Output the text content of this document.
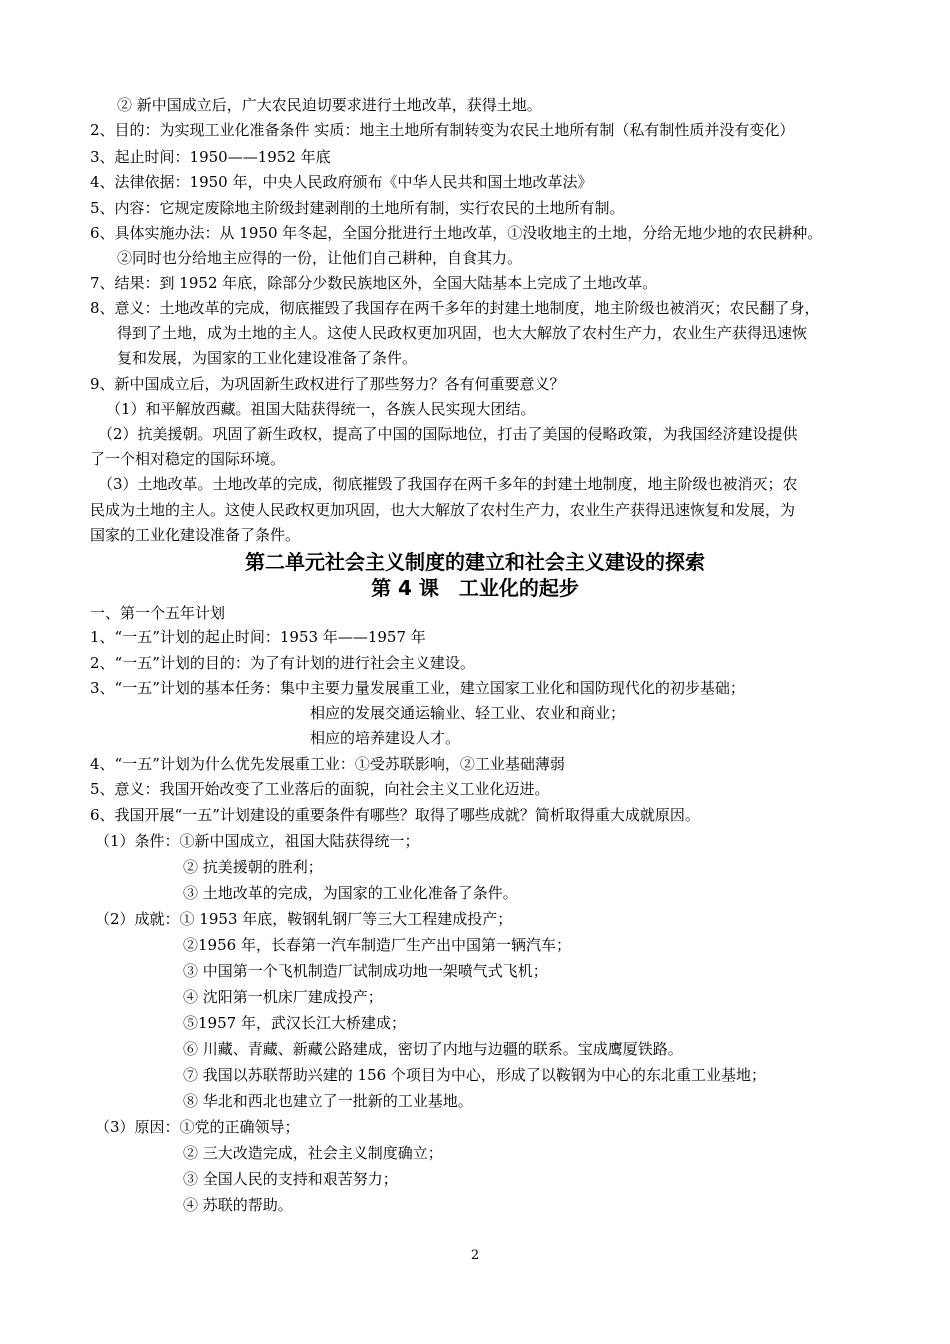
② 新中国成立后，广大农民迫切要求进行土地改革，获得土地。
2、目的：为实现工业化准备条件 实质：地主土地所有制转变为农民土地所有制（私有制性质并没有变化）
3、起止时间：1950——1952 年底
4、法律依据：1950 年，中央人民政府颁布《中华人民共和国土地改革法》
5、内容：它规定废除地主阶级封建剥削的土地所有制，实行农民的土地所有制。
6、具体实施办法：从 1950 年冬起，全国分批进行土地改革，①没收地主的土地，分给无地少地的农民耕种。
②同时也分给地主应得的一份，让他们自己耕种，自食其力。
7、结果：到 1952 年底，除部分少数民族地区外，全国大陆基本上完成了土地改革。
8、意义：土地改革的完成，彻底摧毁了我国存在两千多年的封建土地制度，地主阶级也被消灭；农民翻了身，
得到了土地，成为土地的主人。这使人民政权更加巩固，也大大解放了农村生产力，农业生产获得迅速恢
复和发展，为国家的工业化建设准备了条件。
9、新中国成立后，为巩固新生政权进行了那些努力？各有何重要意义？
（1）和平解放西藏。祖国大陆获得统一，各族人民实现大团结。
（2）抗美援朝。巩固了新生政权，提高了中国的国际地位，打击了美国的侵略政策，为我国经济建设提供
了一个相对稳定的国际环境。
（3）土地改革。土地改革的完成，彻底摧毁了我国存在两千多年的封建土地制度，地主阶级也被消灭；农
民成为土地的主人。这使人民政权更加巩固，也大大解放了农村生产力，农业生产获得迅速恢复和发展，为
国家的工业化建设准备了条件。
第二单元社会主义制度的建立和社会主义建设的探索
第 4 课　工业化的起步
一、第一个五年计划
1、“一五”计划的起止时间：1953 年——1957 年
2、“一五”计划的目的：为了有计划的进行社会主义建设。
3、“一五”计划的基本任务：集中主要力量发展重工业，建立国家工业化和国防现代化的初步基础；
相应的发展交通运输业、轻工业、农业和商业；
相应的培养建设人才。
4、“一五”计划为什么优先发展重工业：①受苏联影响，②工业基础薄弱
5、意义：我国开始改变了工业落后的面貌，向社会主义工业化迈进。
6、我国开展“一五”计划建设的重要条件有哪些？取得了哪些成就？简析取得重大成就原因。
（1）条件：①新中国成立，祖国大陆获得统一；
② 抗美援朝的胜利；
③ 土地改革的完成，为国家的工业化准备了条件。
（2）成就：① 1953 年底，鞍钢轧钢厂等三大工程建成投产；
②1956 年，长春第一汽车制造厂生产出中国第一辆汽车；
③ 中国第一个飞机制造厂试制成功地一架喷气式飞机；
④ 沈阳第一机床厂建成投产；
⑤1957 年，武汉长江大桥建成；
⑥ 川藏、青藏、新藏公路建成，密切了内地与边疆的联系。宝成鹰厦铁路。
⑦ 我国以苏联帮助兴建的 156 个项目为中心，形成了以鞍钢为中心的东北重工业基地；
⑧ 华北和西北也建立了一批新的工业基地。
（3）原因：①党的正确领导；
② 三大改造完成，社会主义制度确立；
③ 全国人民的支持和艰苦努力；
④ 苏联的帮助。
2
